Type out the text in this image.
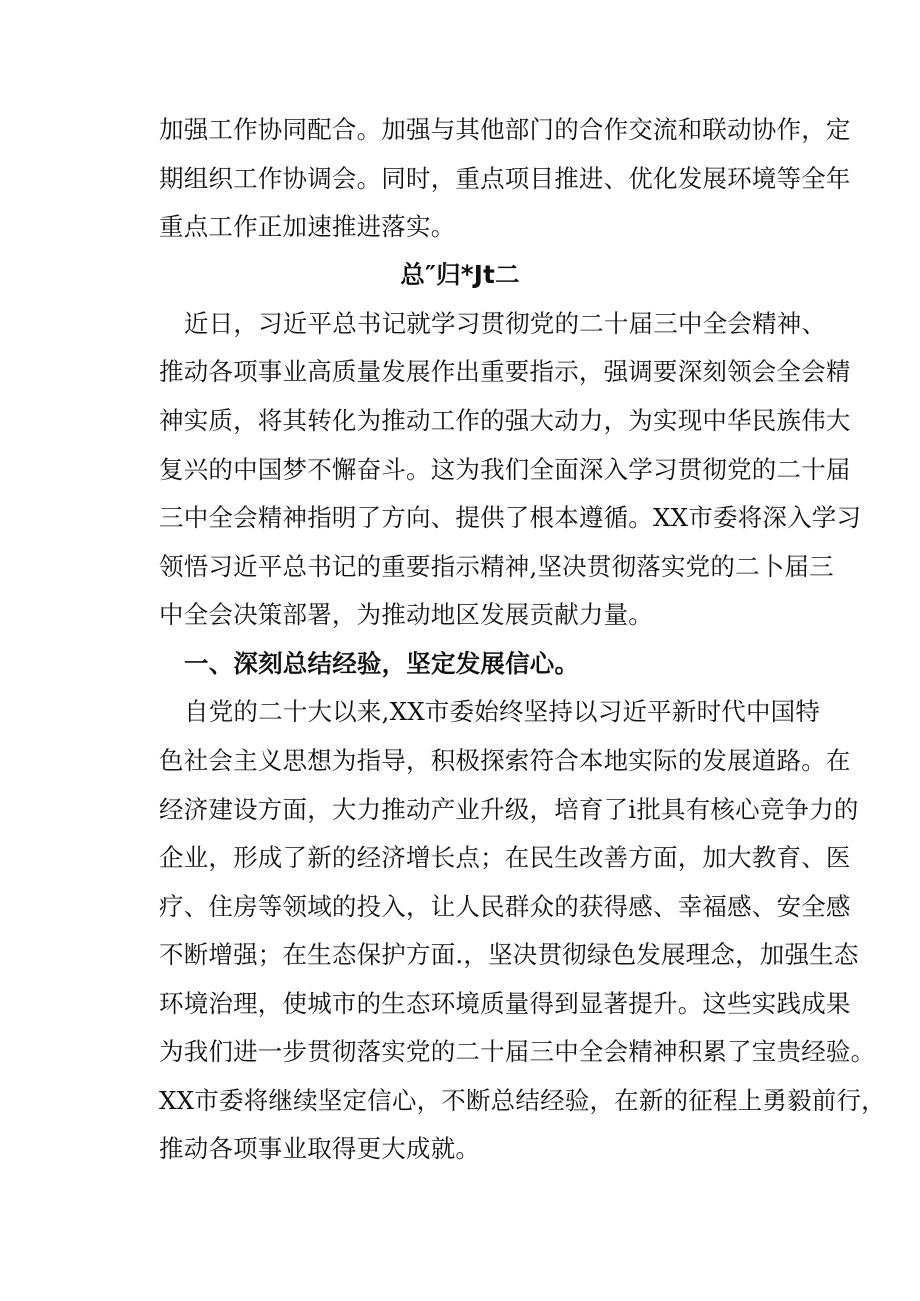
加强工作协同配合。加强与其他部门的合作交流和联动协作，定
期组织工作协调会。同时，重点项目推进、优化发展环境等全年
重点工作正加速推进落实。
总″归*Jt二
近日，习近平总书记就学习贯彻党的二十届三中全会精神、
推动各项事业高质量发展作出重要指示，强调要深刻领会全会精
神实质，将其转化为推动工作的强大动力，为实现中华民族伟大
复兴的中国梦不懈奋斗。这为我们全面深入学习贯彻党的二十届
三中全会精神指明了方向、提供了根本遵循。XX市委将深入学习
领悟习近平总书记的重要指示精神,坚决贯彻落实党的二卜届三
中全会决策部署，为推动地区发展贡献力量。
一、深刻总结经验，坚定发展信心。
自党的二十大以来,XX市委始终坚持以习近平新时代中国特
色社会主义思想为指导，积极探索符合本地实际的发展道路。在
经济建设方面，大力推动产业升级，培育了i批具有核心竞争力的
企业，形成了新的经济增长点；在民生改善方面，加大教育、医
疗、住房等领域的投入，让人民群众的获得感、幸福感、安全感
不断增强；在生态保护方面.，坚决贯彻绿色发展理念，加强生态
环境治理，使城市的生态环境质量得到显著提升。这些实践成果
为我们进一步贯彻落实党的二十届三中全会精神积累了宝贵经验。
XX市委将继续坚定信心，不断总结经验，在新的征程上勇毅前行，
推动各项事业取得更大成就。
